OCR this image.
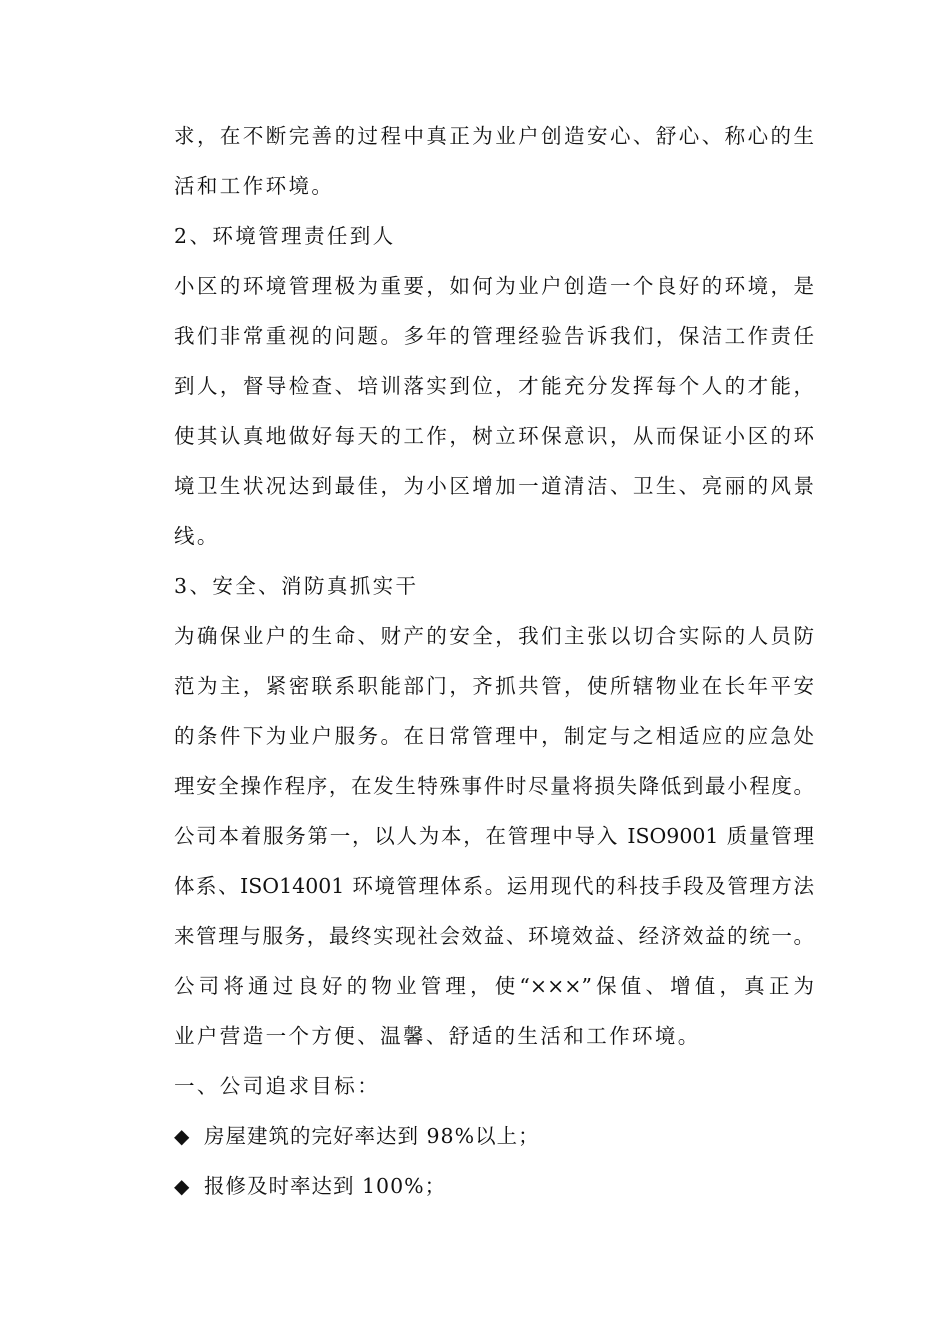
求，在不断完善的过程中真正为业户创造安心、舒心、称心的生
活和工作环境。
2、环境管理责任到人
小区的环境管理极为重要，如何为业户创造一个良好的环境，是
我们非常重视的问题。多年的管理经验告诉我们，保洁工作责任
到人，督导检查、培训落实到位，才能充分发挥每个人的才能，
使其认真地做好每天的工作，树立环保意识，从而保证小区的环
境卫生状况达到最佳，为小区增加一道清洁、卫生、亮丽的风景
线。
3、安全、消防真抓实干
为确保业户的生命、财产的安全，我们主张以切合实际的人员防
范为主，紧密联系职能部门，齐抓共管，使所辖物业在长年平安
的条件下为业户服务。在日常管理中，制定与之相适应的应急处
理安全操作程序，在发生特殊事件时尽量将损失降低到最小程度。
公司本着服务第一，以人为本，在管理中导入 ISO9001 质量管理
体系、ISO14001 环境管理体系。运用现代的科技手段及管理方法
来管理与服务，最终实现社会效益、环境效益、经济效益的统一。
公司将通过良好的物业管理，使“×××”保值、增值，真正为
业户营造一个方便、温馨、舒适的生活和工作环境。
一、公司追求目标：
◆ 房屋建筑的完好率达到 98%以上；
◆ 报修及时率达到 100%；
